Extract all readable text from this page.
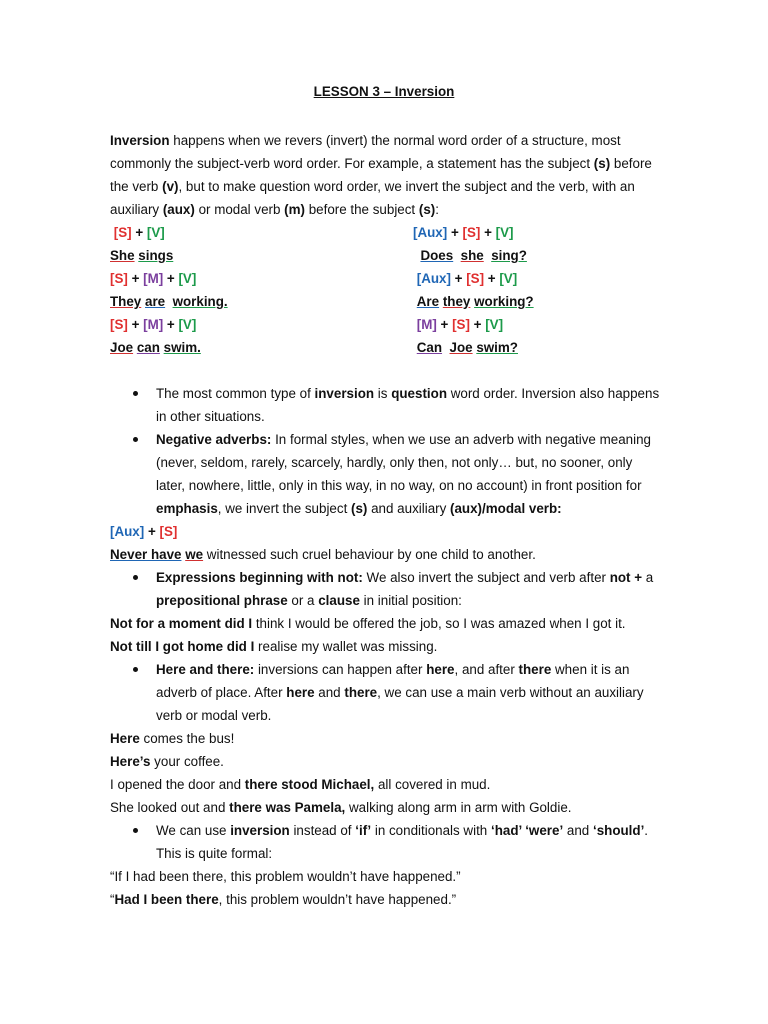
LESSON 3 – Inversion

Inversion happens when we revers (invert) the normal word order of a structure, most commonly the subject-verb word order. For example, a statement has the subject (s) before the verb (v), but to make question word order, we invert the subject and the verb, with an auxiliary (aux) or modal verb (m) before the subject (s):

[S] + [V]	[Aux] + [S] + [V]
She sings	Does she sing?
[S] + [M] + [V]	[Aux] + [S] + [V]
They are working.	Are they working?
[S] + [M] + [V]	[M] + [S] + [V]
Joe can swim.	Can Joe swim?

The most common type of inversion is question word order. Inversion also happens in other situations.

Negative adverbs: In formal styles, when we use an adverb with negative meaning (never, seldom, rarely, scarcely, hardly, only then, not only… but, no sooner, only later, nowhere, little, only in this way, in no way, on no account) in front position for emphasis, we invert the subject (s) and auxiliary (aux)/modal verb:

[Aux] + [S]

Never have we witnessed such cruel behaviour by one child to another.

Expressions beginning with not: We also invert the subject and verb after not + a prepositional phrase or a clause in initial position:

Not for a moment did I think I would be offered the job, so I was amazed when I got it.

Not till I got home did I realise my wallet was missing.

Here and there: inversions can happen after here, and after there when it is an adverb of place. After here and there, we can use a main verb without an auxiliary verb or modal verb.

Here comes the bus!

Here’s your coffee.

I opened the door and there stood Michael, all covered in mud.

She looked out and there was Pamela, walking along arm in arm with Goldie.

We can use inversion instead of ‘if’ in conditionals with ‘had’ ‘were’ and ‘should’. This is quite formal:

“If I had been there, this problem wouldn’t have happened.”

“Had I been there, this problem wouldn’t have happened.”
